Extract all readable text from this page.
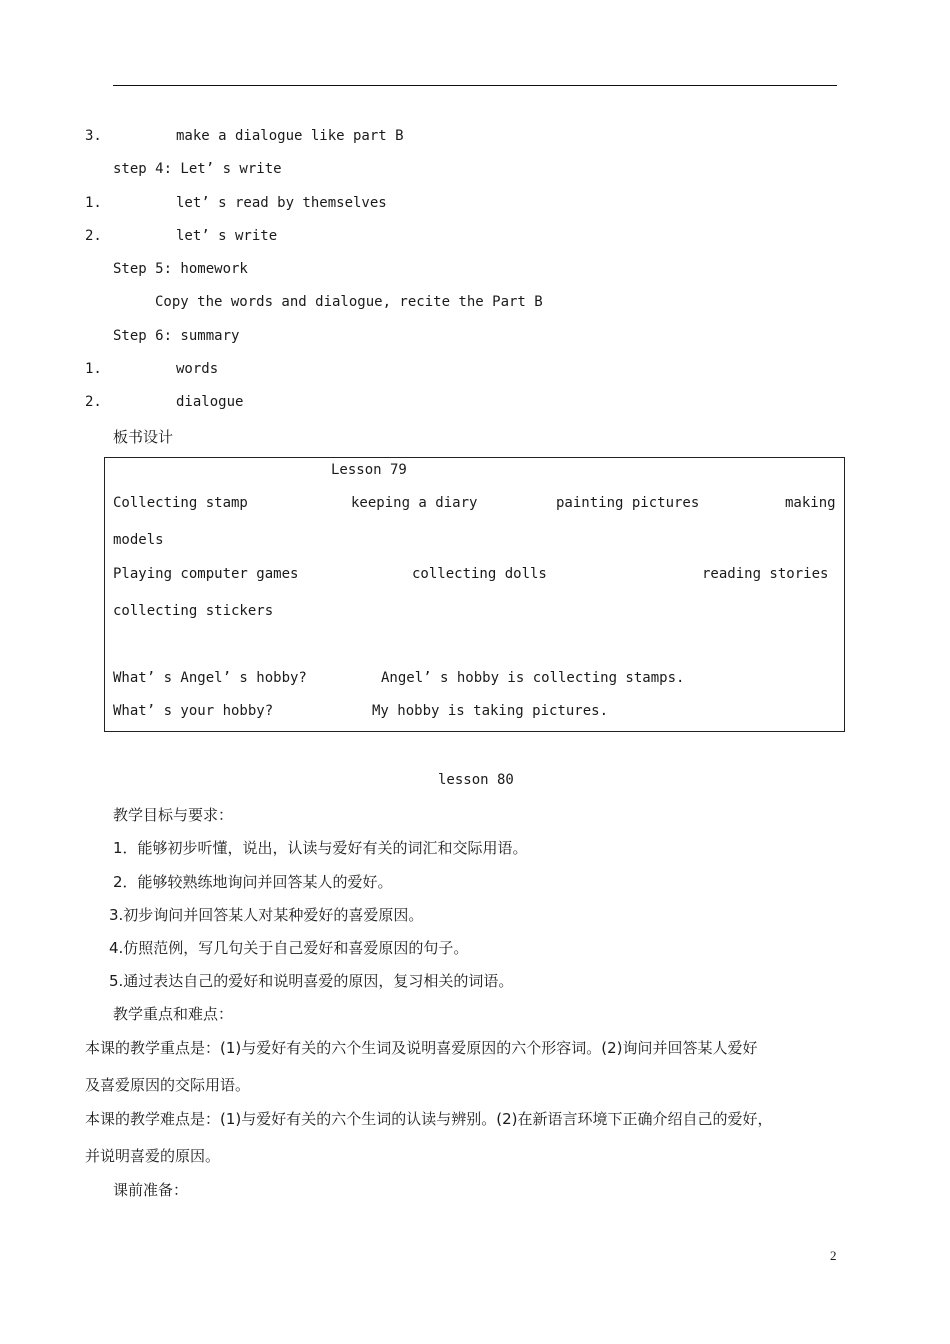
3.	make a dialogue like part B
step 4: Let’ s write
1.	let’ s read by themselves
2.	let’ s write
Step 5: homework
Copy the words and dialogue, recite the Part B
Step 6: summary
1.	words
2.	dialogue
板书设计
Lesson 79
Collecting stamp	keeping a diary	painting pictures	making
models
Playing computer games	collecting dolls	reading stories
collecting stickers
What’ s Angel’ s hobby?	Angel’ s hobby is collecting stamps.
What’ s your hobby?	My hobby is taking pictures.
lesson 80
教学目标与要求：
1．能够初步听懂，说出，认读与爱好有关的词汇和交际用语。
2．能够较熟练地询问并回答某人的爱好。
3.初步询问并回答某人对某种爱好的喜爱原因。
4.仿照范例，写几句关于自己爱好和喜爱原因的句子。
5.通过表达自己的爱好和说明喜爱的原因，复习相关的词语。
教学重点和难点：
本课的教学重点是：(1)与爱好有关的六个生词及说明喜爱原因的六个形容词。(2)询问并回答某人爱好
及喜爱原因的交际用语。
本课的教学难点是：(1)与爱好有关的六个生词的认读与辨别。(2)在新语言环境下正确介绍自己的爱好，
并说明喜爱的原因。
课前准备：
2
